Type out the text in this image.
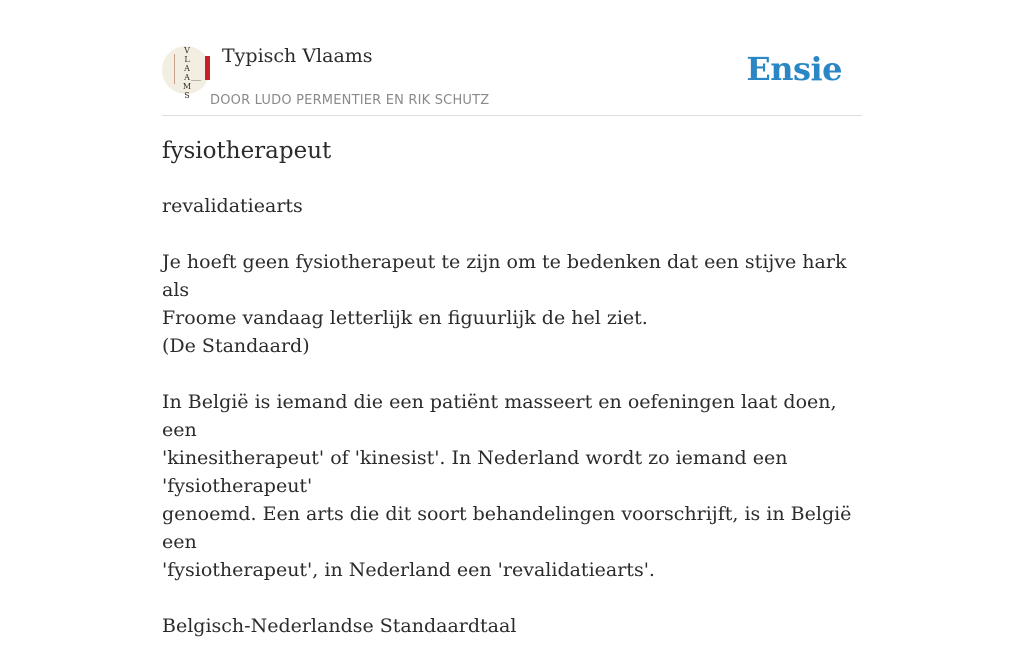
V
L
A
A
M
S
Typisch Vlaams
DOOR LUDO PERMENTIER EN RIK SCHUTZ
Ensie
fysiotherapeut

revalidatiearts

Je hoeft geen fysiotherapeut te zijn om te bedenken dat een stijve hark als
Froome vandaag letterlijk en figuurlijk de hel ziet.
(De Standaard)

In België is iemand die een patiënt masseert en oefeningen laat doen, een
'kinesitherapeut' of 'kinesist'. In Nederland wordt zo iemand een 'fysiotherapeut'
genoemd. Een arts die dit soort behandelingen voorschrijft, is in België een
'fysiotherapeut', in Nederland een 'revalidatiearts'.

Belgisch-Nederlandse Standaardtaal
